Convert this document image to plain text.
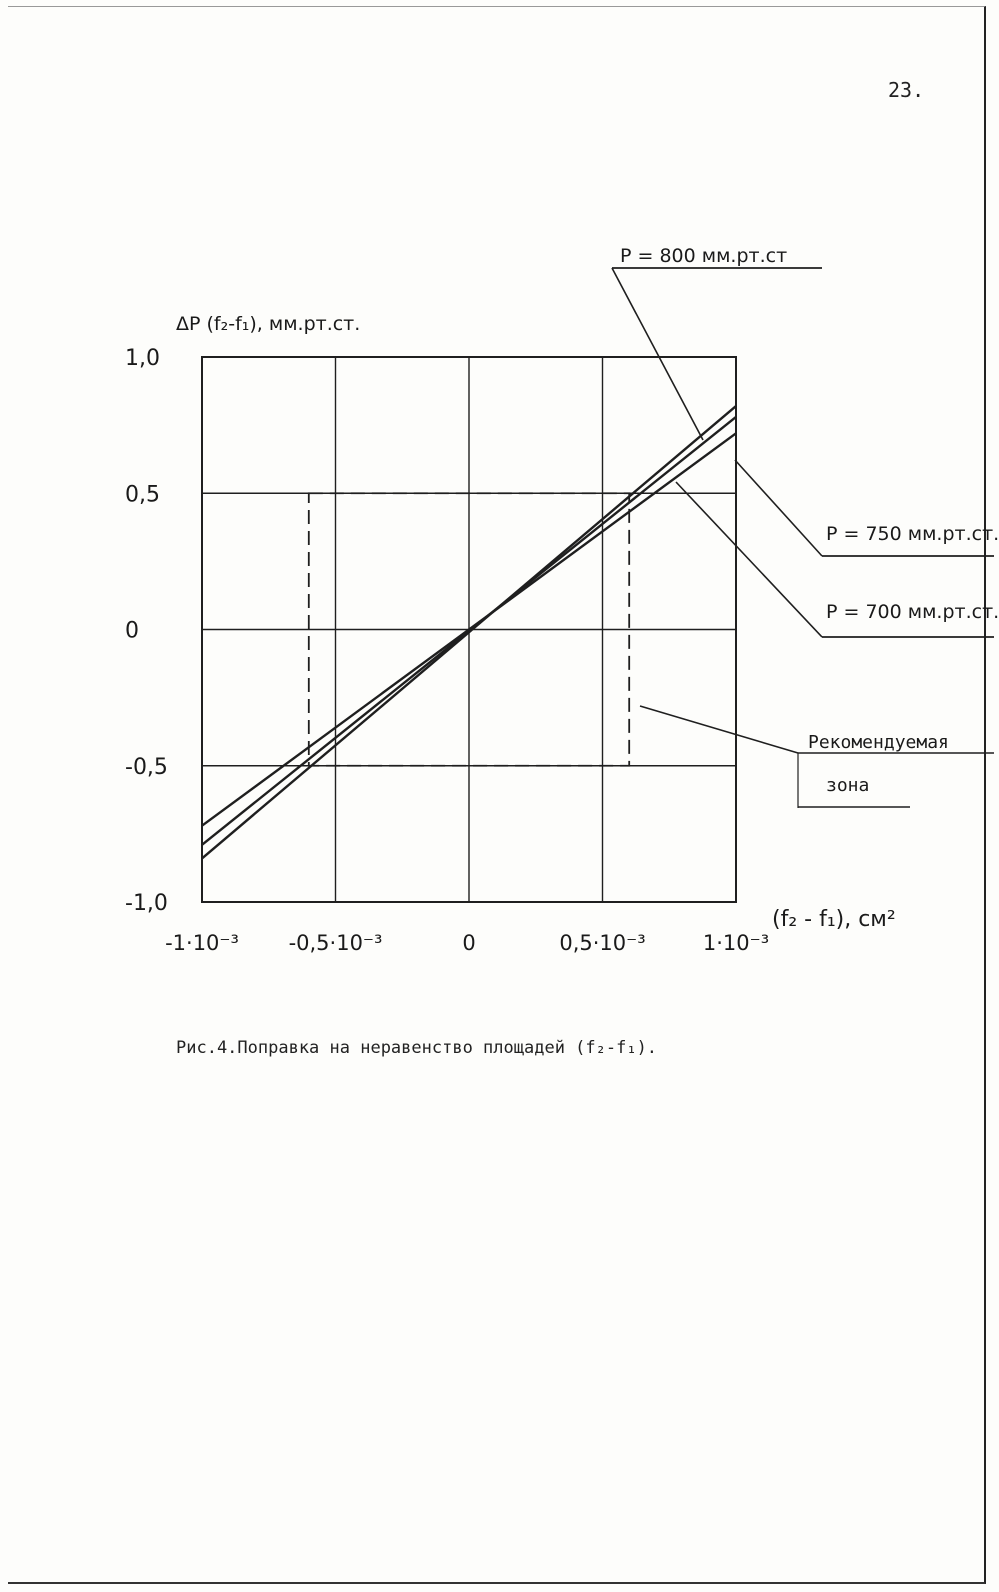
23.
1,0
0,5
0
-0,5
-1,0
-1·10⁻³ -0,5·10⁻³	0	0,5·10⁻³	1·10⁻³
ΔP (f₂-f₁), мм.рт.ст.
(f₂ - f₁), см²
P = 800 мм.рт.ст
P = 750 мм.рт.ст.
P = 700 мм.рт.ст.
Рекомендуемая
зона
Рис.4.Поправка на неравенство площадей (f₂-f₁).
